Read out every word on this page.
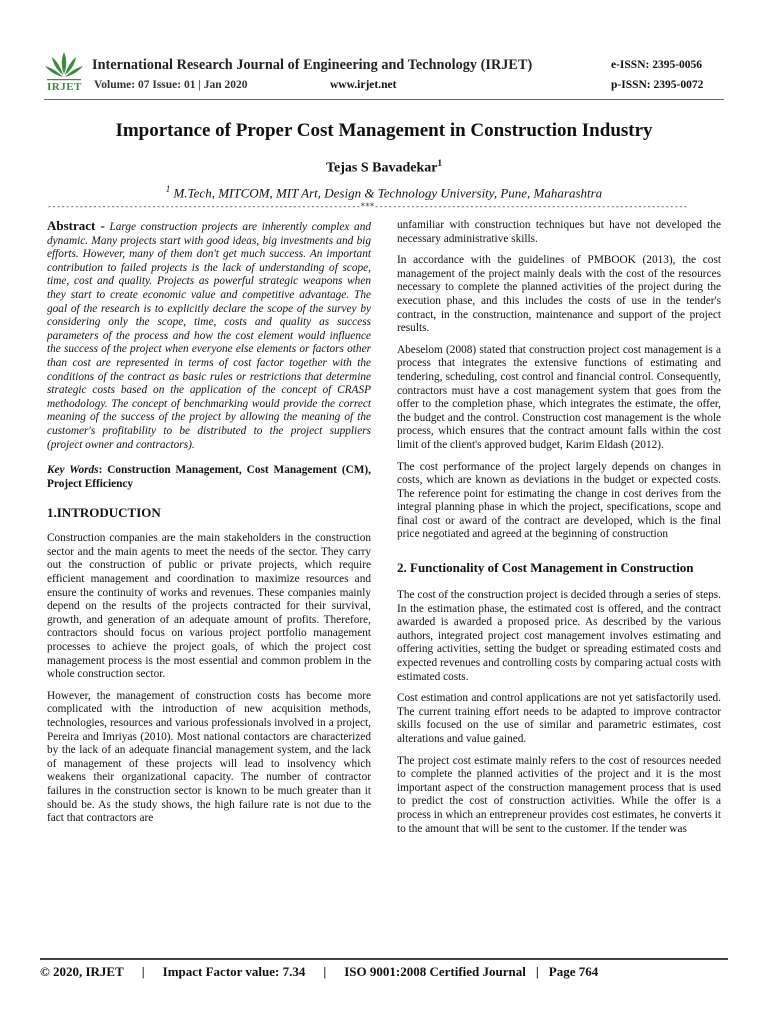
IRJET
International Research Journal of Engineering and Technology (IRJET)
Volume: 07 Issue: 01 | Jan 2020	www.irjet.net
e-ISSN: 2395-0056
p-ISSN: 2395-0072
Importance of Proper Cost Management in Construction Industry
Tejas S Bavadekar$^1$
$^1$ M.Tech, MITCOM, MIT Art, Design & Technology University, Pune, Maharashtra
---------------------------------------------------------------------***---------------------------------------------------------------------

Abstract - Large construction projects are inherently complex and dynamic. Many projects start with good ideas, big investments and big efforts. However, many of them don't get much success. An important contribution to failed projects is the lack of understanding of scope, time, cost and quality. Projects as powerful strategic weapons when they start to create economic value and competitive advantage. The goal of the research is to explicitly declare the scope of the survey by considering only the scope, time, costs and quality as success parameters of the process and how the cost element would influence the success of the project when everyone else elements or factors other than cost are represented in terms of cost factor together with the conditions of the contract as basic rules or restrictions that determine strategic costs based on the application of the concept of CRASP methodology. The concept of benchmarking would provide the correct meaning of the success of the project by allowing the meaning of the customer's profitability to be distributed to the project suppliers (project owner and contractors).

Key Words: Construction Management, Cost Management (CM), Project Efficiency

1.INTRODUCTION

Construction companies are the main stakeholders in the construction sector and the main agents to meet the needs of the sector. They carry out the construction of public or private projects, which require efficient management and coordination to maximize resources and ensure the continuity of works and revenues. These companies mainly depend on the results of the projects contracted for their survival, growth, and generation of an adequate amount of profits. Therefore, contractors should focus on various project portfolio management processes to achieve the project goals, of which the project cost management process is the most essential and common problem in the whole construction sector.

However, the management of construction costs has become more complicated with the introduction of new acquisition methods, technologies, resources and various professionals involved in a project, Pereira and Imriyas (2010). Most national contactors are characterized by the lack of an adequate financial management system, and the lack of management of these projects will lead to insolvency which weakens their organizational capacity. The number of contractor failures in the construction sector is known to be much greater than it should be. As the study shows, the high failure rate is not due to the fact that contractors are

unfamiliar with construction techniques but have not developed the necessary administrative skills.

In accordance with the guidelines of PMBOOK (2013), the cost management of the project mainly deals with the cost of the resources necessary to complete the planned activities of the project during the execution phase, and this includes the costs of use in the tender's contract, in the construction, maintenance and support of the project results.

Abeselom (2008) stated that construction project cost management is a process that integrates the extensive functions of estimating and tendering, scheduling, cost control and financial control. Consequently, contractors must have a cost management system that goes from the offer to the completion phase, which integrates the estimate, the offer, the budget and the control. Construction cost management is the whole process, which ensures that the contract amount falls within the cost limit of the client's approved budget, Karim Eldash (2012).

The cost performance of the project largely depends on changes in costs, which are known as deviations in the budget or expected costs. The reference point for estimating the change in cost derives from the integral planning phase in which the project, specifications, scope and final cost or award of the contract are developed, which is the final price negotiated and agreed at the beginning of construction

2. Functionality of Cost Management in Construction

The cost of the construction project is decided through a series of steps. In the estimation phase, the estimated cost is offered, and the contract awarded is awarded a proposed price. As described by the various authors, integrated project cost management involves estimating and offering activities, setting the budget or spreading estimated costs and expected revenues and controlling costs by comparing actual costs with estimated costs.

Cost estimation and control applications are not yet satisfactorily used. The current training effort needs to be adapted to improve contractor skills focused on the use of similar and parametric estimates, cost alterations and value gained.

The project cost estimate mainly refers to the cost of resources needed to complete the planned activities of the project and it is the most important aspect of the construction management process that is used to predict the cost of construction activities. While the offer is a process in which an entrepreneur provides cost estimates, he converts it to the amount that will be sent to the customer. If the tender was

© 2020, IRJET | Impact Factor value: 7.34 | ISO 9001:2008 Certified Journal | Page 764
